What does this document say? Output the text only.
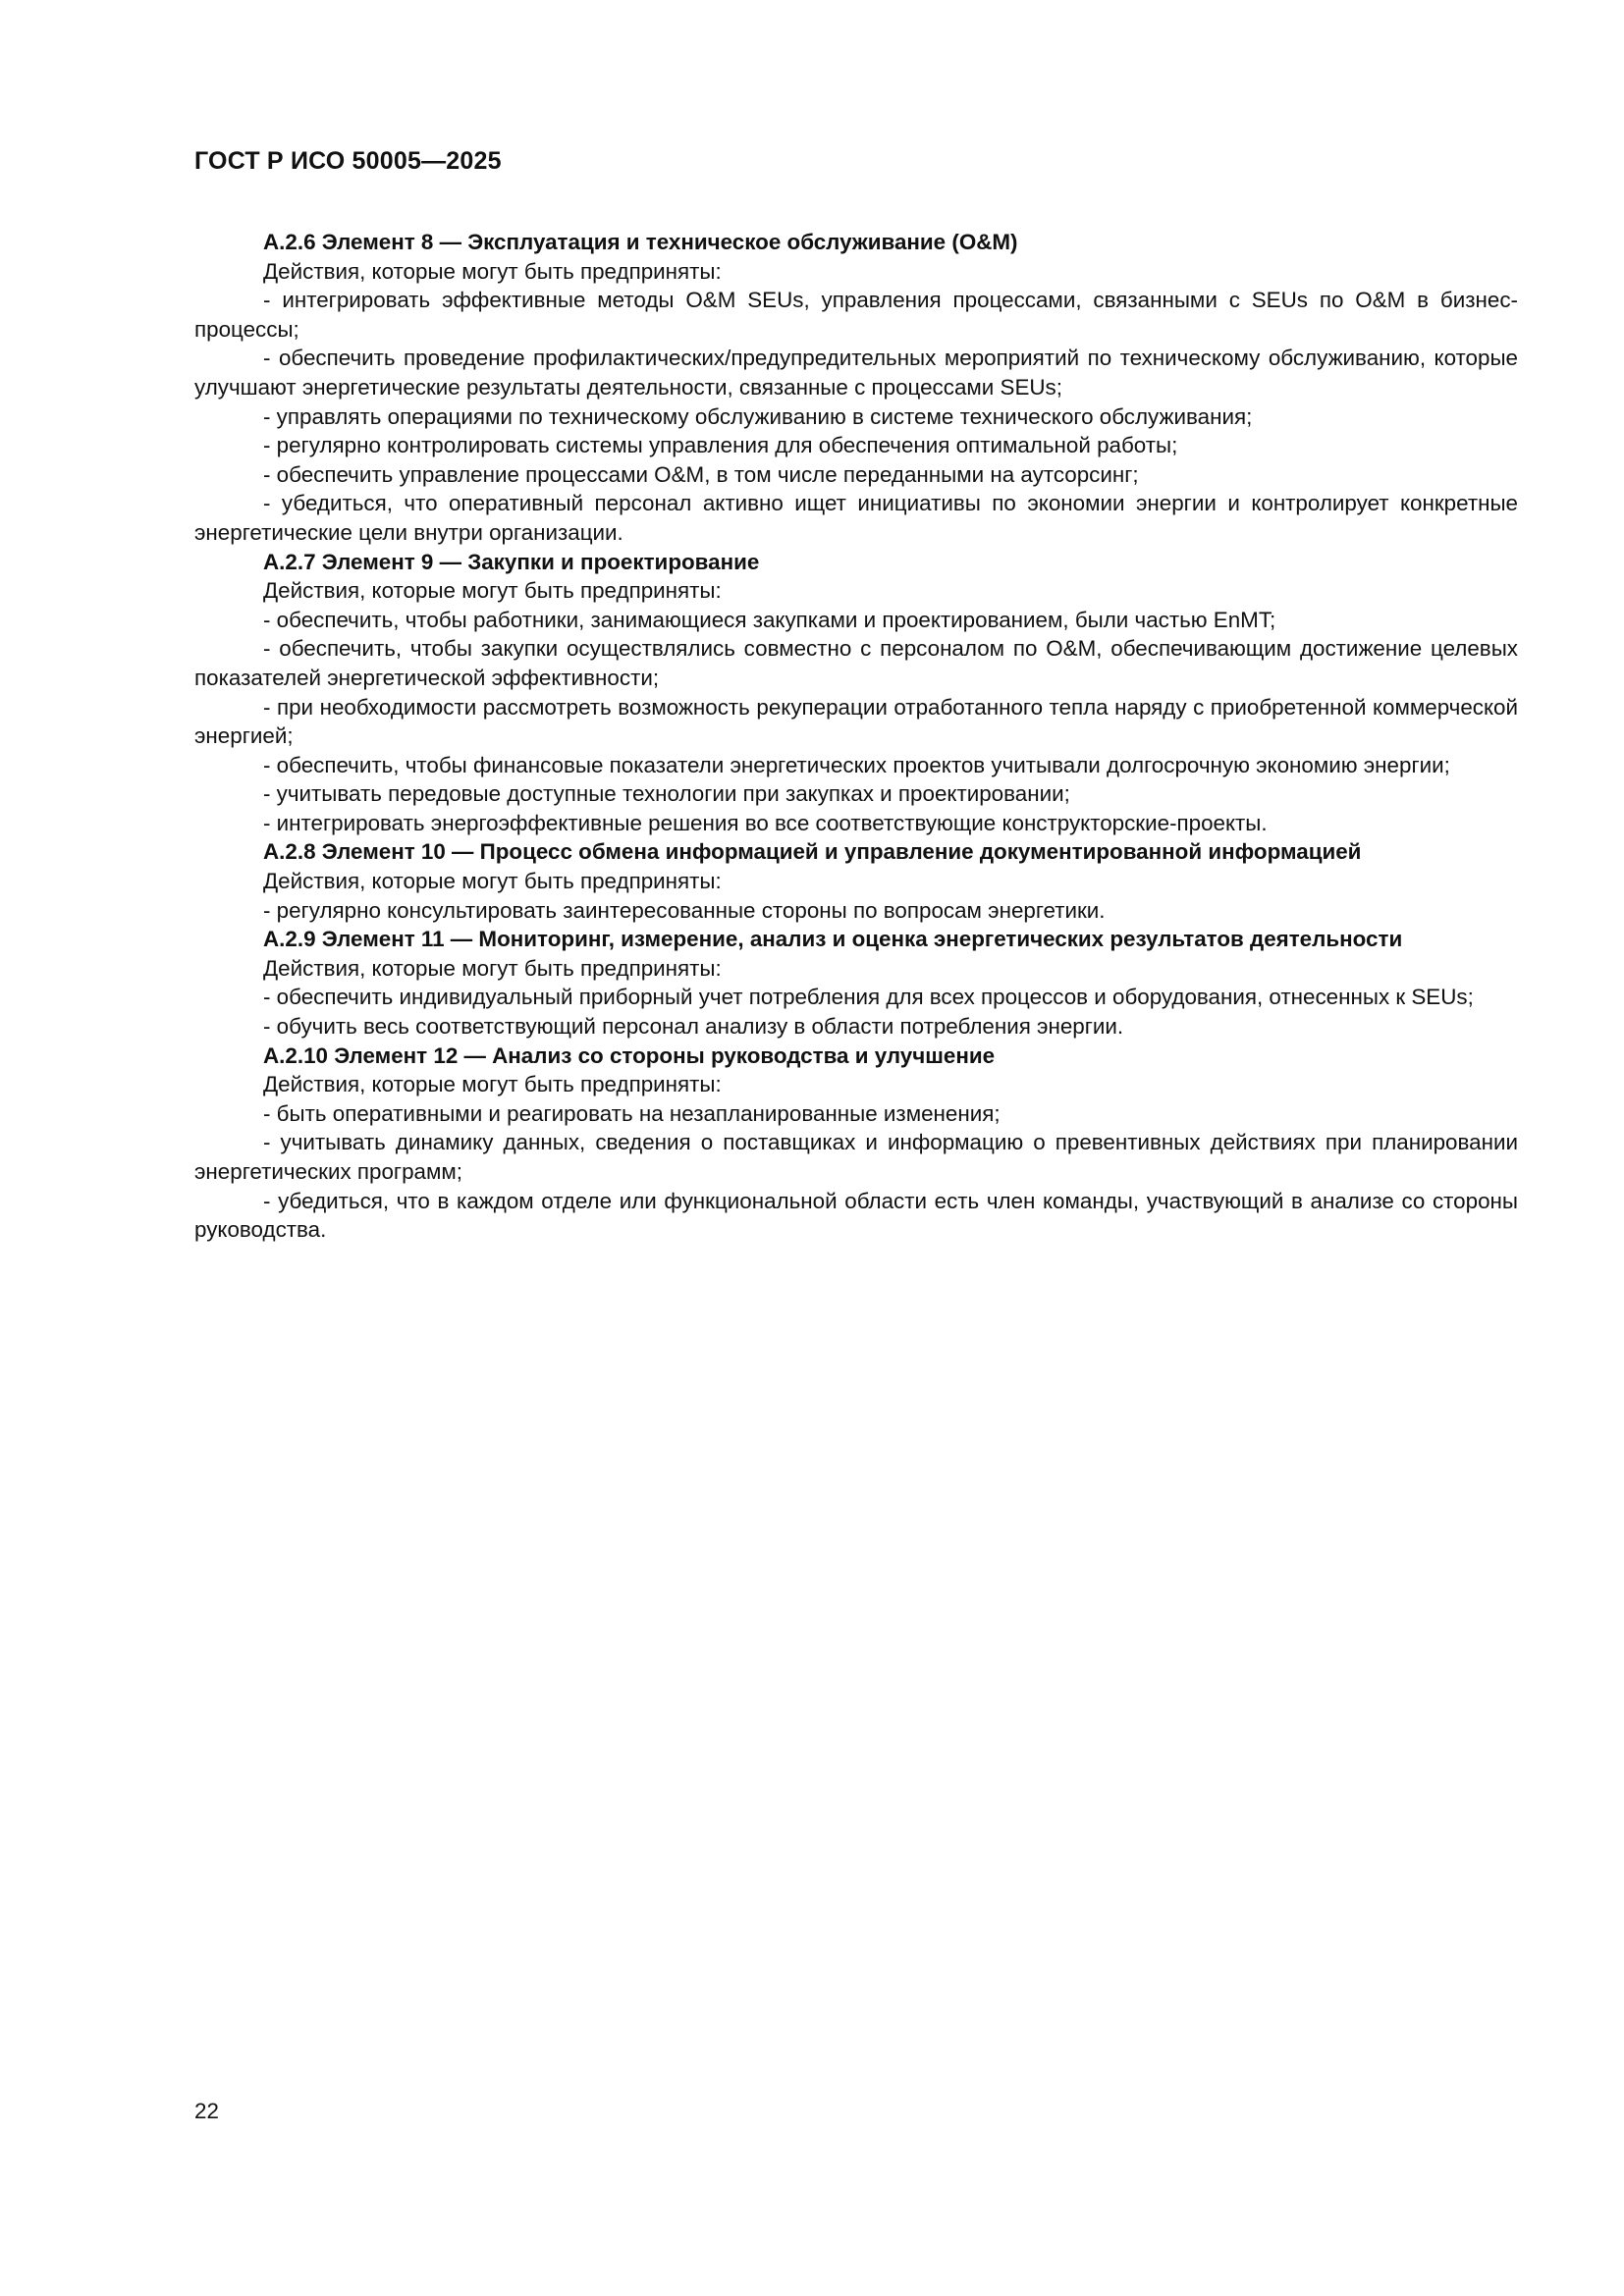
ГОСТ Р ИСО 50005—2025

A.2.6 Элемент 8 — Эксплуатация и техническое обслуживание (O&M)

Действия, которые могут быть предприняты:

- интегрировать эффективные методы O&M SEUs, управления процессами, связанными с SEUs по O&M в бизнес-процессы;

- обеспечить проведение профилактических/предупредительных мероприятий по техническому обслуживанию, которые улучшают энергетические результаты деятельности, связанные с процессами SEUs;

- управлять операциями по техническому обслуживанию в системе технического обслуживания;

- регулярно контролировать системы управления для обеспечения оптимальной работы;

- обеспечить управление процессами O&M, в том числе переданными на аутсорсинг;

- убедиться, что оперативный персонал активно ищет инициативы по экономии энергии и контролирует конкретные энергетические цели внутри организации.

A.2.7 Элемент 9 — Закупки и проектирование

Действия, которые могут быть предприняты:

- обеспечить, чтобы работники, занимающиеся закупками и проектированием, были частью EnMT;

- обеспечить, чтобы закупки осуществлялись совместно с персоналом по O&M, обеспечивающим достижение целевых показателей энергетической эффективности;

- при необходимости рассмотреть возможность рекуперации отработанного тепла наряду с приобретенной коммерческой энергией;

- обеспечить, чтобы финансовые показатели энергетических проектов учитывали долгосрочную экономию энергии;

- учитывать передовые доступные технологии при закупках и проектировании;

- интегрировать энергоэффективные решения во все соответствующие конструкторские-проекты.

A.2.8 Элемент 10 — Процесс обмена информацией и управление документированной информацией

Действия, которые могут быть предприняты:

- регулярно консультировать заинтересованные стороны по вопросам энергетики.

A.2.9 Элемент 11 — Мониторинг, измерение, анализ и оценка энергетических результатов деятельности

Действия, которые могут быть предприняты:

- обеспечить индивидуальный приборный учет потребления для всех процессов и оборудования, отнесенных к SEUs;

- обучить весь соответствующий персонал анализу в области потребления энергии.

A.2.10 Элемент 12 — Анализ со стороны руководства и улучшение

Действия, которые могут быть предприняты:

- быть оперативными и реагировать на незапланированные изменения;

- учитывать динамику данных, сведения о поставщиках и информацию о превентивных действиях при планировании энергетических программ;

- убедиться, что в каждом отделе или функциональной области есть член команды, участвующий в анализе со стороны руководства.

22
